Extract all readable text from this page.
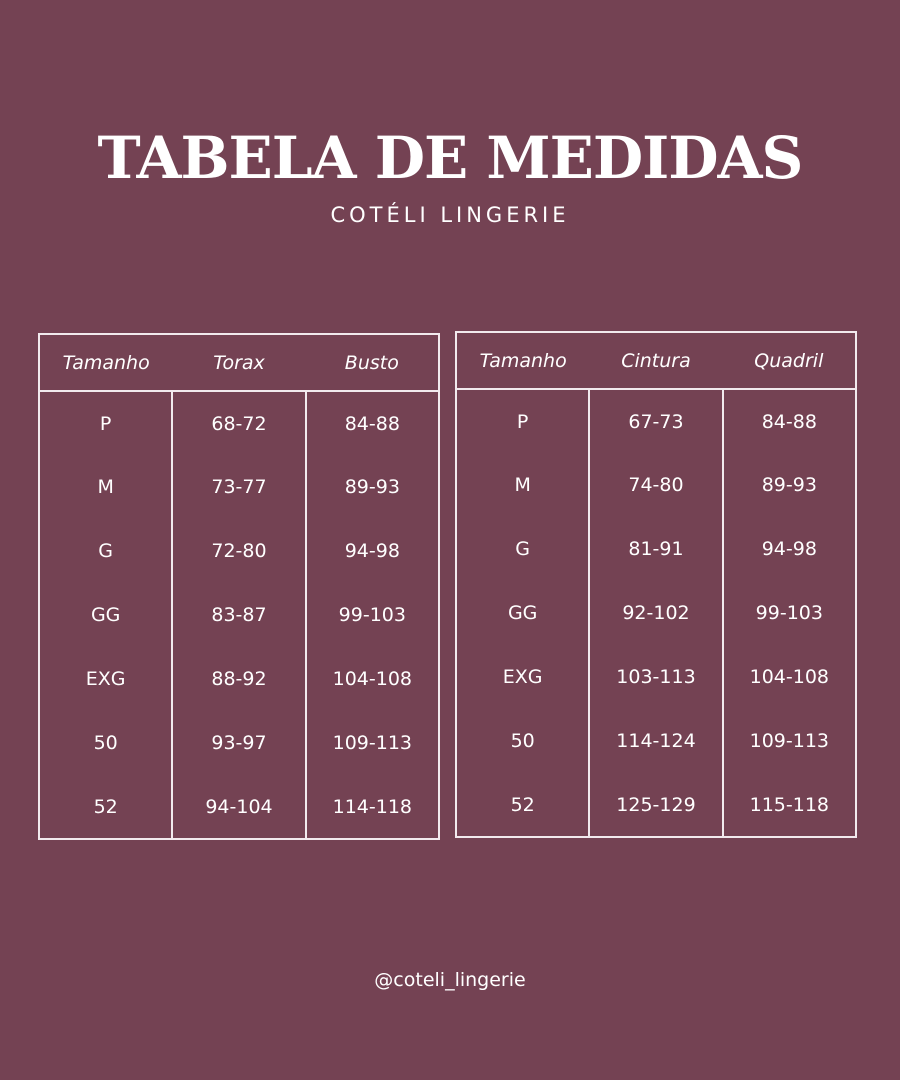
TABELA DE MEDIDAS

COTÉLI LINGERIE

Tamanho	Torax	Busto
P	68-72	84-88
M	73-77	89-93
G	72-80	94-98
GG	83-87	99-103
EXG	88-92	104-108
50	93-97	109-113
52	94-104	114-118
Tamanho	Cintura	Quadril
P	67-73	84-88
M	74-80	89-93
G	81-91	94-98
GG	92-102	99-103
EXG	103-113	104-108
50	114-124	109-113
52	125-129	115-118

@coteli_lingerie
